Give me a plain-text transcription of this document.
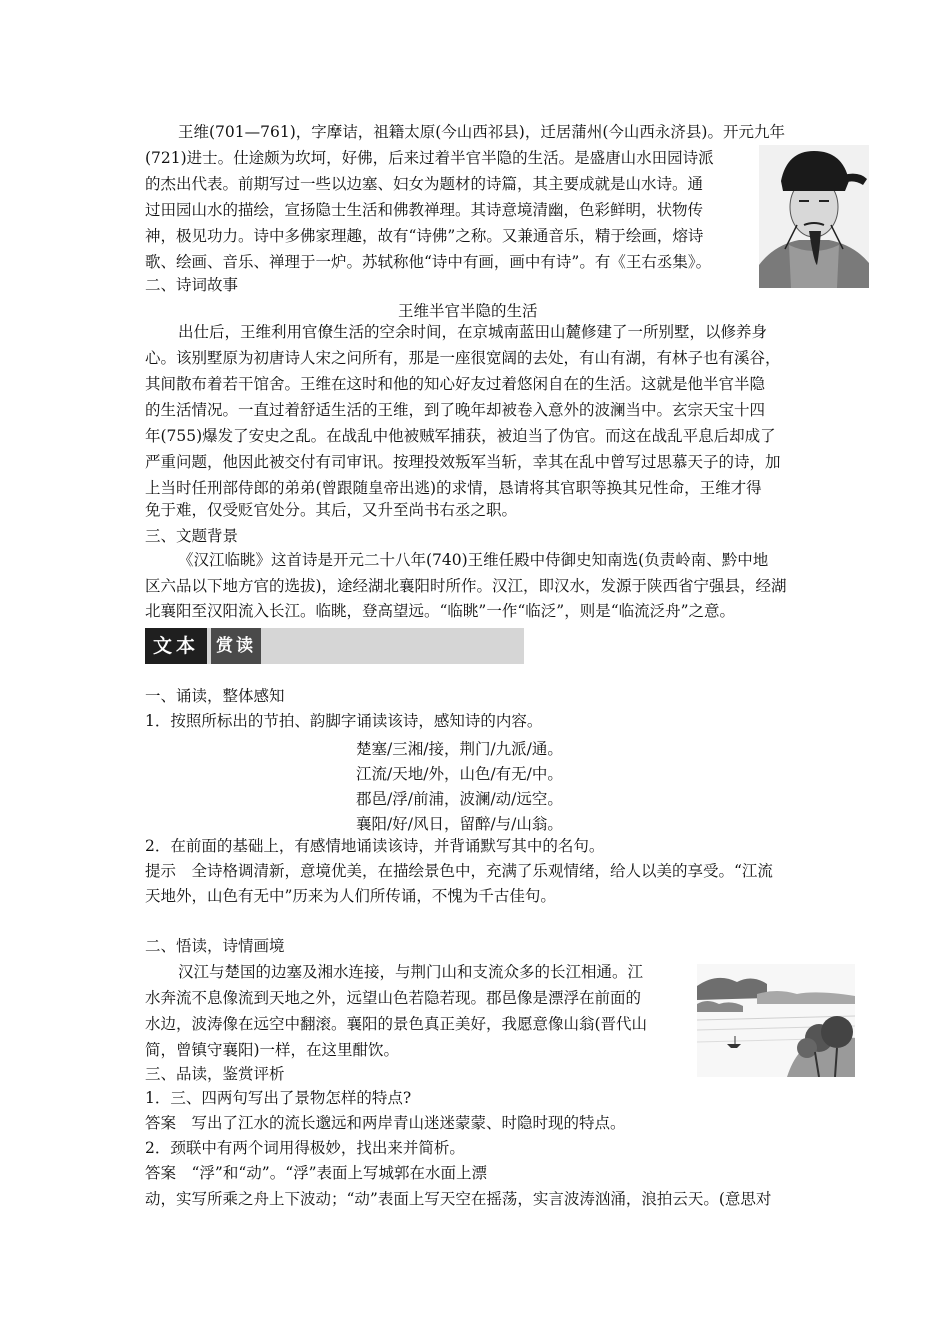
王维(701—761)，字摩诘，祖籍太原(今山西祁县)，迁居蒲州(今山西永济县)。开元九年
(721)进士。仕途颇为坎坷，好佛，后来过着半官半隐的生活。是盛唐山水田园诗派
的杰出代表。前期写过一些以边塞、妇女为题材的诗篇，其主要成就是山水诗。通
过田园山水的描绘，宣扬隐士生活和佛教禅理。其诗意境清幽，色彩鲜明，状物传
神，极见功力。诗中多佛家理趣，故有“诗佛”之称。又兼通音乐，精于绘画，熔诗
歌、绘画、音乐、禅理于一炉。苏轼称他“诗中有画，画中有诗”。有《王右丞集》。
二、诗词故事
王维半官半隐的生活
出仕后，王维利用官僚生活的空余时间，在京城南蓝田山麓修建了一所别墅，以修养身
心。该别墅原为初唐诗人宋之问所有，那是一座很宽阔的去处，有山有湖，有林子也有溪谷，
其间散布着若干馆舍。王维在这时和他的知心好友过着悠闲自在的生活。这就是他半官半隐
的生活情况。一直过着舒适生活的王维，到了晚年却被卷入意外的波澜当中。玄宗天宝十四
年(755)爆发了安史之乱。在战乱中他被贼军捕获，被迫当了伪官。而这在战乱平息后却成了
严重问题，他因此被交付有司审讯。按理投效叛军当斩，幸其在乱中曾写过思慕天子的诗，加
上当时任刑部侍郎的弟弟(曾跟随皇帝出逃)的求情，恳请将其官职等换其兄性命，王维才得
免于难，仅受贬官处分。其后，又升至尚书右丞之职。
三、文题背景
《汉江临眺》这首诗是开元二十八年(740)王维任殿中侍御史知南选(负责岭南、黔中地
区六品以下地方官的选拔)，途经湖北襄阳时所作。汉江，即汉水，发源于陕西省宁强县，经湖
北襄阳至汉阳流入长江。临眺，登高望远。“临眺”一作“临泛”，则是“临流泛舟”之意。
文本	赏读
一、诵读，整体感知
1．按照所标出的节拍、韵脚字诵读该诗，感知诗的内容。
楚塞/三湘/接，荆门/九派/通。
江流/天地/外，山色/有无/中。
郡邑/浮/前浦，波澜/动/远空。
襄阳/好/风日，留醉/与/山翁。
2．在前面的基础上，有感情地诵读该诗，并背诵默写其中的名句。
提示　全诗格调清新，意境优美，在描绘景色中，充满了乐观情绪，给人以美的享受。“江流
天地外，山色有无中”历来为人们所传诵，不愧为千古佳句。
二、悟读，诗情画境
汉江与楚国的边塞及湘水连接，与荆门山和支流众多的长江相通。江
水奔流不息像流到天地之外，远望山色若隐若现。郡邑像是漂浮在前面的
水边，波涛像在远空中翻滚。襄阳的景色真正美好，我愿意像山翁(晋代山
简，曾镇守襄阳)一样，在这里酣饮。
三、品读，鉴赏评析
1．三、四两句写出了景物怎样的特点?
答案　写出了江水的流长邈远和两岸青山迷迷蒙蒙、时隐时现的特点。
2．颈联中有两个词用得极妙，找出来并简析。
答案　“浮”和“动”。“浮”表面上写城郭在水面上漂
动，实写所乘之舟上下波动；“动”表面上写天空在摇荡，实言波涛汹涌，浪拍云天。(意思对
